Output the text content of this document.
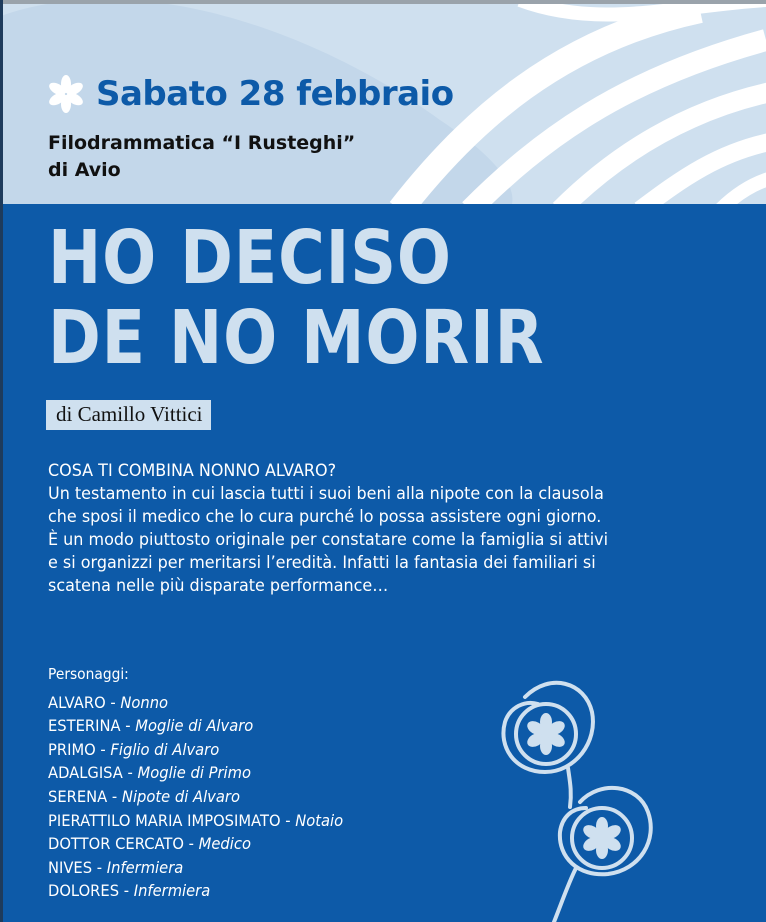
Sabato 28 febbraio
Filodrammatica “I Rusteghi”
di Avio
HO DECISO
DE NO MORIR
di Camillo Vittici
COSA TI COMBINA NONNO ALVARO?
Un testamento in cui lascia tutti i suoi beni alla nipote con la clausola
che sposi il medico che lo cura purché lo possa assistere ogni giorno.
È un modo piuttosto originale per constatare come la famiglia si attivi
e si organizzi per meritarsi l’eredità. Infatti la fantasia dei familiari si
scatena nelle più disparate performance…
Personaggi:
ALVARO - Nonno
ESTERINA - Moglie di Alvaro
PRIMO - Figlio di Alvaro
ADALGISA - Moglie di Primo
SERENA - Nipote di Alvaro
PIERATTILO MARIA IMPOSIMATO - Notaio
DOTTOR CERCATO - Medico
NIVES - Infermiera
DOLORES - Infermiera
